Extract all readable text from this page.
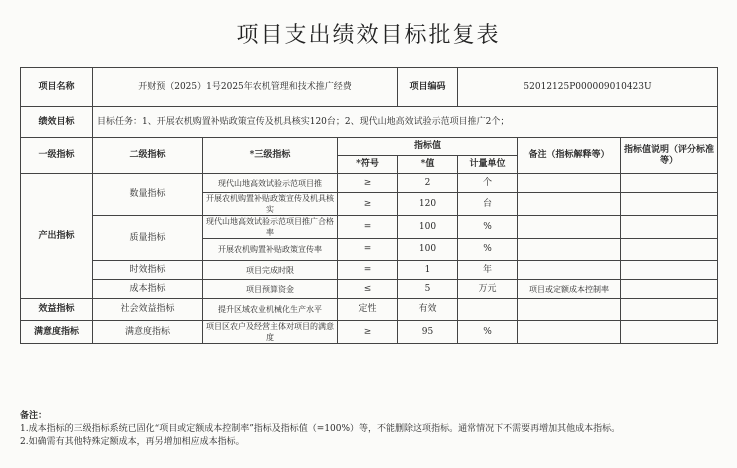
项目支出绩效目标批复表
项目名称	开财预（2025）1号2025年农机管理和技术推广经费			项目编码	52012125P000009010423U		
绩效目标	目标任务：1、开展农机购置补贴政策宣传及机具核实120台；2、现代山地高效试验示范项目推广2个；						
一级指标	二级指标	*三级指标	指标值			备注（指标解释等）	指标值说明（评分标准等）
			*符号	*值	计量单位		
产出指标	数量指标	现代山地高效试验示范项目推	≥	2	个		
		开展农机购置补贴政策宣传及机具核实	≥	120	台		
	质量指标	现代山地高效试验示范项目推广合格率	=	100	%		
		开展农机购置补贴政策宣传率	=	100	%		
	时效指标	项目完成时限	=	1	年		
	成本指标	项目预算资金	≤	5	万元	项目或定额成本控制率	
效益指标	社会效益指标	提升区域农业机械化生产水平	定性	有效			
满意度指标	满意度指标	项目区农户及经营主体对项目的满意度	≥	95	%		
备注：
1.成本指标的三级指标系统已固化“项目或定额成本控制率”指标及指标值（=100%）等，不能删除这项指标。通常情况下不需要再增加其他成本指标。
2.如确需有其他特殊定额成本，再另增加相应成本指标。
